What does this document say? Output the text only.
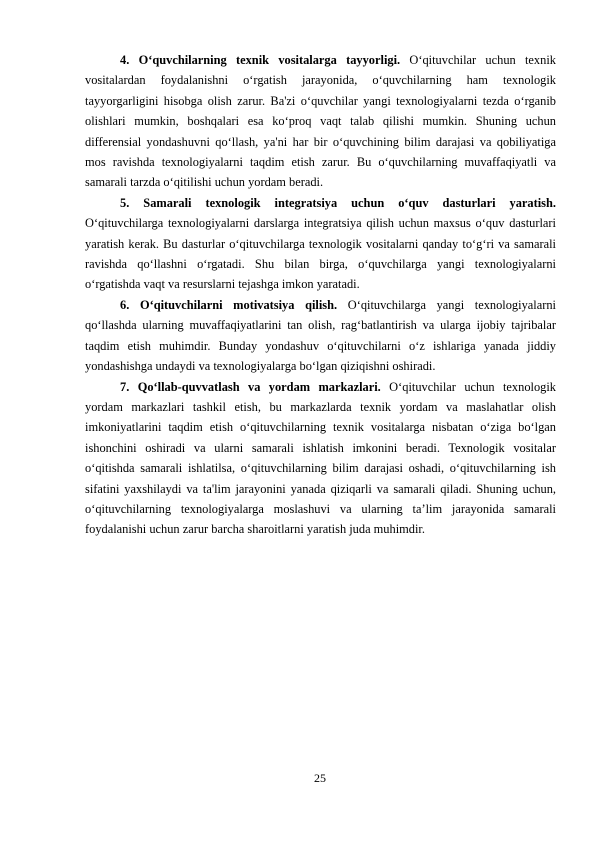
4. O‘quvchilarning texnik vositalarga tayyorligi. O‘qituvchilar uchun texnik vositalardan foydalanishni o‘rgatish jarayonida, o‘quvchilarning ham texnologik tayyorgarligini hisobga olish zarur. Ba'zi o‘quvchilar yangi texnologiyalarni tezda o‘rganib olishlari mumkin, boshqalari esa ko‘proq vaqt talab qilishi mumkin. Shuning uchun differensial yondashuvni qo‘llash, ya'ni har bir o‘quvchining bilim darajasi va qobiliyatiga mos ravishda texnologiyalarni taqdim etish zarur. Bu o‘quvchilarning muvaffaqiyatli va samarali tarzda o‘qitilishi uchun yordam beradi.

5. Samarali texnologik integratsiya uchun o‘quv dasturlari yaratish. O‘qituvchilarga texnologiyalarni darslarga integratsiya qilish uchun maxsus o‘quv dasturlari yaratish kerak. Bu dasturlar o‘qituvchilarga texnologik vositalarni qanday to‘g‘ri va samarali ravishda qo‘llashni o‘rgatadi. Shu bilan birga, o‘quvchilarga yangi texnologiyalarni o‘rgatishda vaqt va resurslarni tejashga imkon yaratadi.

6. O‘qituvchilarni motivatsiya qilish. O‘qituvchilarga yangi texnologiyalarni qo‘llashda ularning muvaffaqiyatlarini tan olish, rag‘batlantirish va ularga ijobiy tajribalar taqdim etish muhimdir. Bunday yondashuv o‘qituvchilarni o‘z ishlariga yanada jiddiy yondashishga undaydi va texnologiyalarga bo‘lgan qiziqishni oshiradi.

7. Qo‘llab-quvvatlash va yordam markazlari. O‘qituvchilar uchun texnologik yordam markazlari tashkil etish, bu markazlarda texnik yordam va maslahatlar olish imkoniyatlarini taqdim etish o‘qituvchilarning texnik vositalarga nisbatan o‘ziga bo‘lgan ishonchini oshiradi va ularni samarali ishlatish imkonini beradi. Texnologik vositalar o‘qitishda samarali ishlatilsa, o‘qituvchilarning bilim darajasi oshadi, o‘qituvchilarning ish sifatini yaxshilaydi va ta'lim jarayonini yanada qiziqarli va samarali qiladi. Shuning uchun, o‘qituvchilarning texnologiyalarga moslashuvi va ularning ta’lim jarayonida samarali foydalanishi uchun zarur barcha sharoitlarni yaratish juda muhimdir.

25
